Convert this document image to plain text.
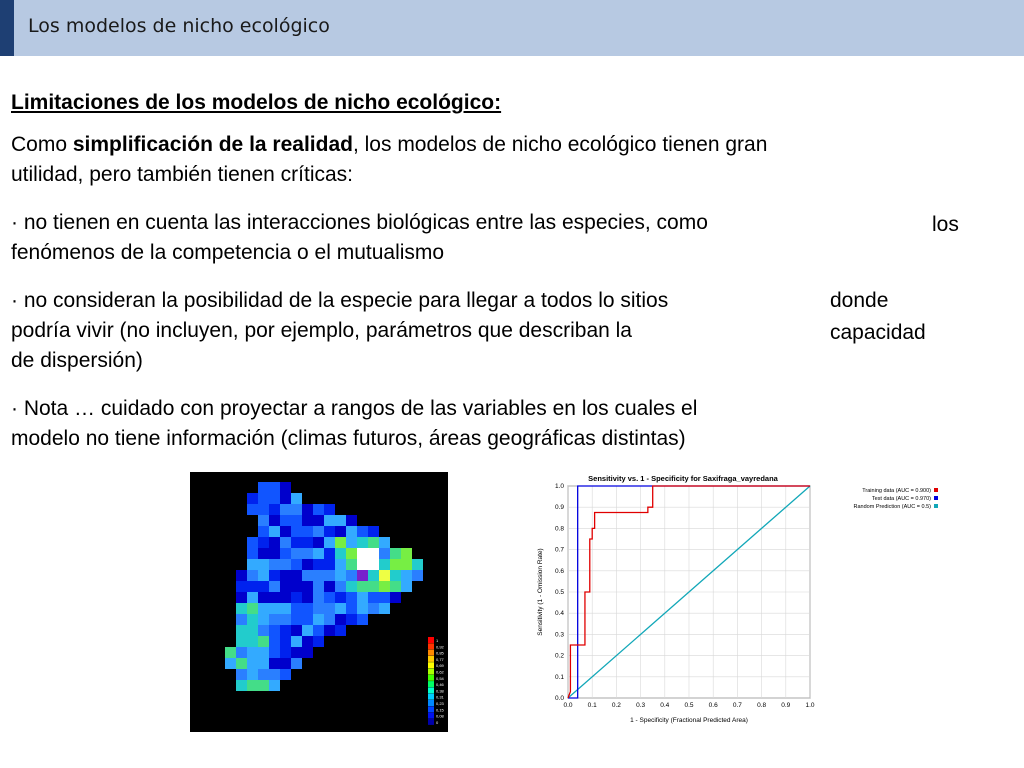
Los modelos de nicho ecológico
Limitaciones de los modelos de nicho ecológico:
Como simplificación de la realidad, los modelos de nicho ecológico tienen gran
utilidad, pero también tienen críticas:
· no tienen en cuenta las interacciones biológicas entre las especies, como	los
fenómenos de la competencia o el mutualismo
· no consideran la posibilidad de la especie para llegar a todos lo sitios	donde
podría vivir (no incluyen, por ejemplo, parámetros que describan la	capacidad
de dispersión)
· Nota … cuidado con proyectar a rangos de las variables en los cuales el
modelo no tiene información (climas futuros, áreas geográficas distintas)
1
0,92
0,85
0,77
0,69
0,62
0,54
0,46
0,38
0,31
0,23
0,15
0,08
0
Sensitivity vs. 1 - Specificity for Saxifraga_vayredana
0.0 0.1 0.2 0.3 0.4 0.5 0.6 0.7 0.8 0.9 1.0
0.0
0.1
0.2
0.3
0.4
0.5
0.6
0.7
0.8
0.9
1.0
1 - Specificity (Fractional Predicted Area)
Sensitivity (1 - Omission Rate)
Training data (AUC = 0.900)
Test data (AUC = 0.970)
Random Prediction (AUC = 0.5)
